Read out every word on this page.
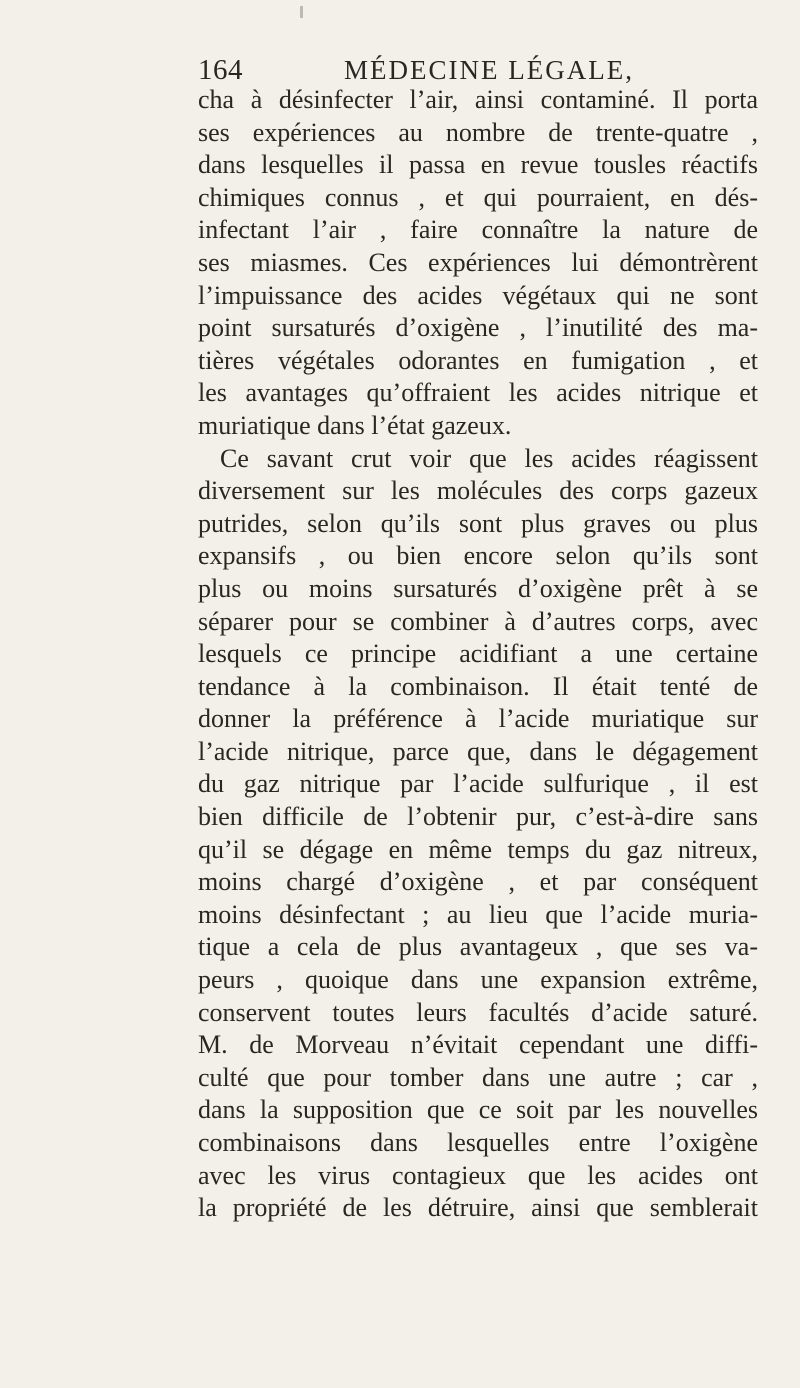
164	MÉDECINE LÉGALE,
cha à désinfecter l’air, ainsi contaminé. Il porta
ses expériences au nombre de trente-quatre ,
dans lesquelles il passa en revue tousles réactifs
chimiques connus , et qui pourraient, en dés-
infectant l’air , faire connaître la nature de
ses miasmes. Ces expériences lui démontrèrent
l’impuissance des acides végétaux qui ne sont
point sursaturés d’oxigène , l’inutilité des ma-
tières végétales odorantes en fumigation , et
les avantages qu’offraient les acides nitrique et
muriatique dans l’état gazeux.
Ce savant crut voir que les acides réagissent
diversement sur les molécules des corps gazeux
putrides, selon qu’ils sont plus graves ou plus
expansifs , ou bien encore selon qu’ils sont
plus ou moins sursaturés d’oxigène prêt à se
séparer pour se combiner à d’autres corps, avec
lesquels ce principe acidifiant a une certaine
tendance à la combinaison. Il était tenté de
donner la préférence à l’acide muriatique sur
l’acide nitrique, parce que, dans le dégagement
du gaz nitrique par l’acide sulfurique , il est
bien difficile de l’obtenir pur, c’est-à-dire sans
qu’il se dégage en même temps du gaz nitreux,
moins chargé d’oxigène , et par conséquent
moins désinfectant ; au lieu que l’acide muria-
tique a cela de plus avantageux , que ses va-
peurs , quoique dans une expansion extrême,
conservent toutes leurs facultés d’acide saturé.
M. de Morveau n’évitait cependant une diffi-
culté que pour tomber dans une autre ; car ,
dans la supposition que ce soit par les nouvelles
combinaisons dans lesquelles entre l’oxigène
avec les virus contagieux que les acides ont
la propriété de les détruire, ainsi que semblerait
